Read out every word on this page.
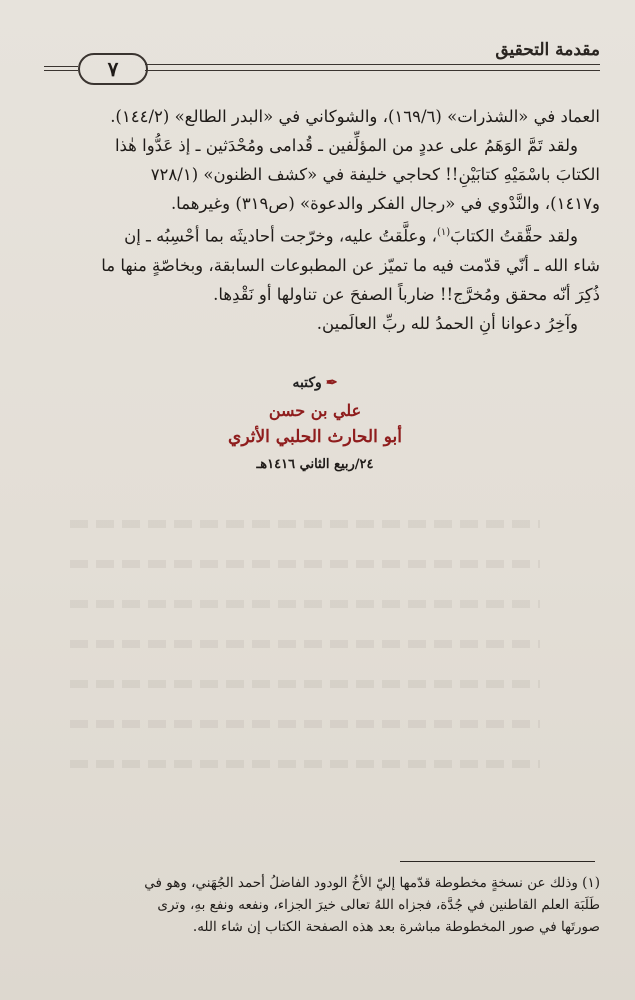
مقدمة التحقيق
٧

العماد في «الشذرات» (١٦٩/٦)، والشوكاني في «البدر الطالع» (١٤٤/٢).

ولقد تَمَّ الوَهَمُ على عددٍ من المؤلِّفين ـ قُدامى ومُحْدَثين ـ إذ عَدُّوا هٰذا

الكتابَ باسْمَيْهِ كتابَيْنِ!! كحاجي خليفة في «كشف الظنون» (٧٢٨/١

و١٤١٧)، والنَّدْوي في «رجال الفكر والدعوة» (ص٣١٩) وغيرهما.

ولقد حقَّقتُ الكتابَ$^{(١)}$، وعلَّقتُ عليه، وخرّجت أحاديثَه بما أحْسِبُه ـ إن

شاء الله ـ أنّي قدّمت فيه ما تميّز عن المطبوعات السابقة، وبخاصّةٍ منها ما

ذُكِرَ أنّه محقق ومُخرَّج!! ضارباً الصفحَ عن تناولها أو نَقْدِها.

وآخِرُ دعوانا أنِ الحمدُ لله ربِّ العالَمين.

✒وكتبه
علي بن حسن
أبو الحارث الحلبي الأثري
٢٤/ربيع الثاني ١٤١٦هـ

(١) وذلك عن نسخةٍ مخطوطة قدّمها إليّ الأخُ الودود الفاضلُ أحمد الجُهَني، وهو في

طَلَبَة العلم القاطنين في جُدَّة، فجزاه اللهُ تعالى خيرَ الجزاء، ونفعه ونفع بهِ، وترى

صورتَها في صور المخطوطة مباشرة بعد هذه الصفحة الكتاب إن شاء الله.
